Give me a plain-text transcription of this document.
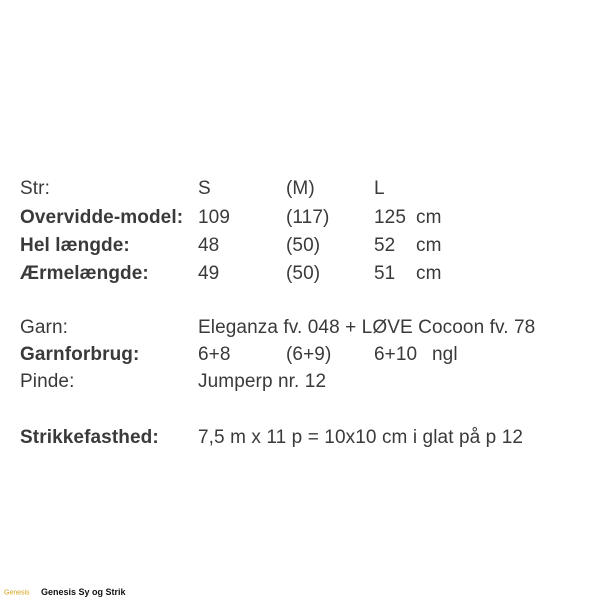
Str:	S	(M)	L
Overvidde-model: 109	(117) 125 cm
Hel længde:	48	(50)	52 cm
Ærmelængde:	49	(50)	51 cm
Garn:	Eleganza fv. 048 + LØVE Cocoon fv. 78
Garnforbrug:	6+8	(6+9) 6+10 ngl
Pinde:	Jumperp nr. 12
Strikkefasthed: 7,5 m x 11 p = 10x10 cm i glat på p 12
Genesis Genesis Sy og Strik
